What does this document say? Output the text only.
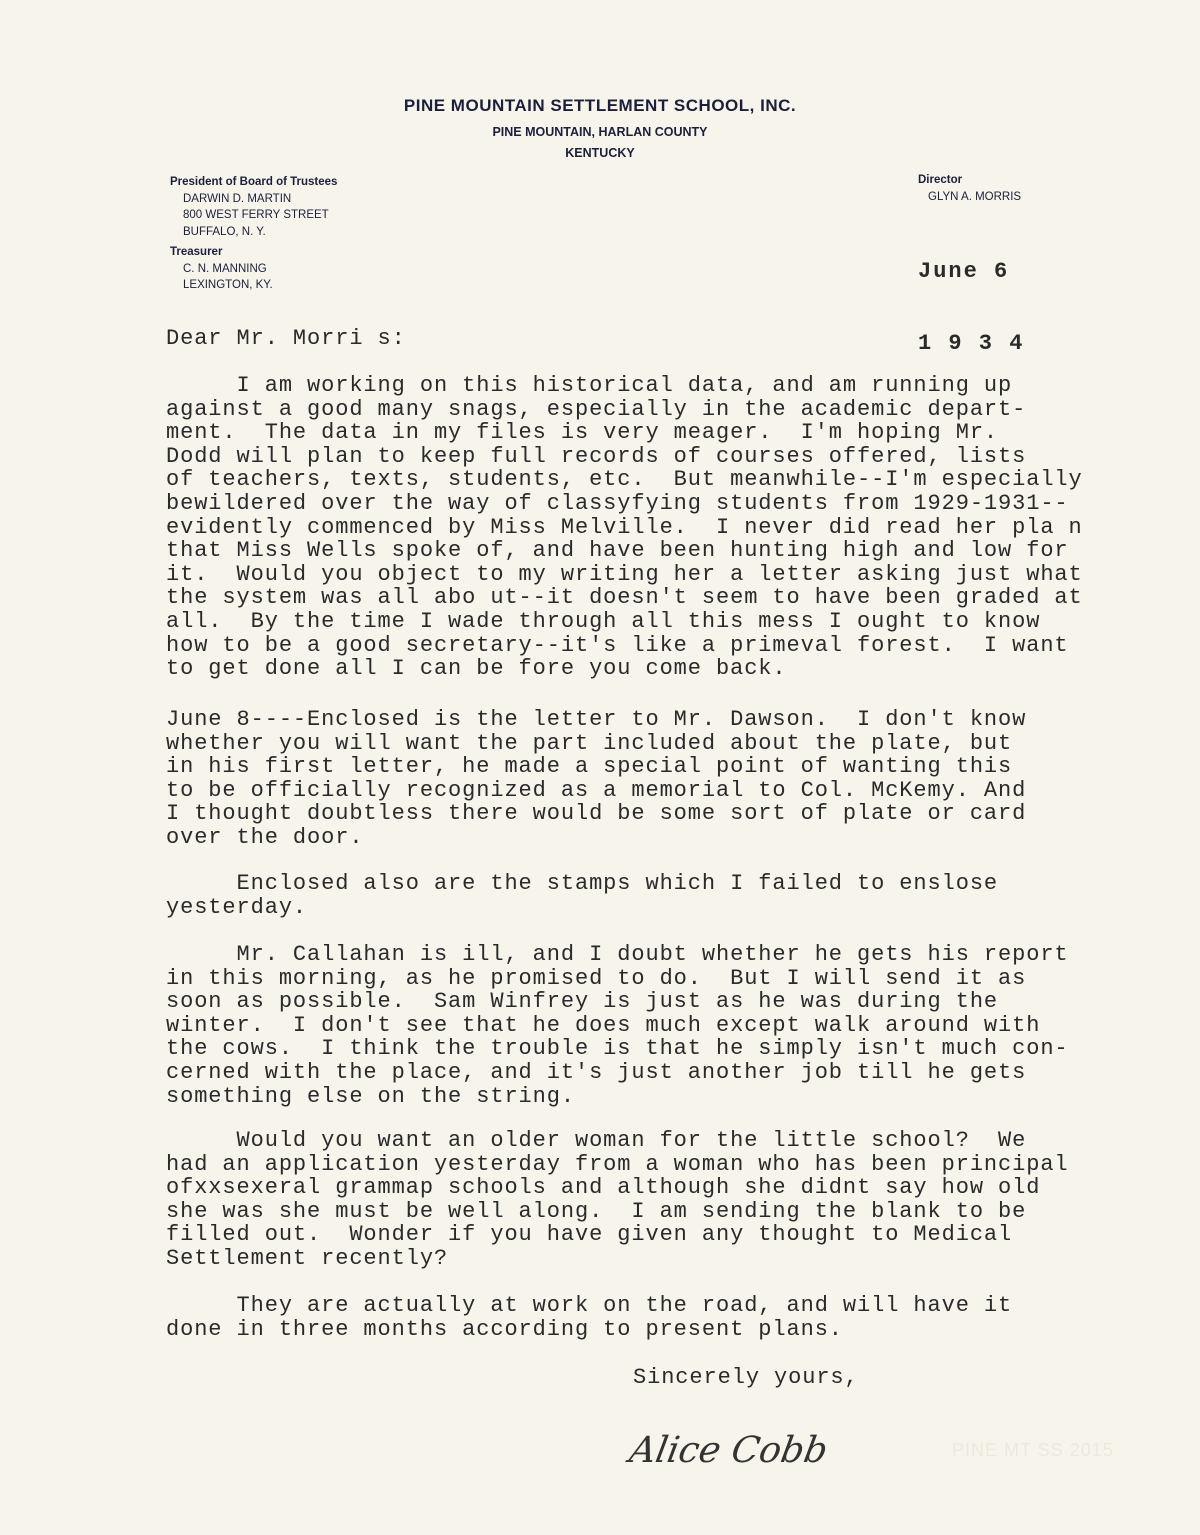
PINE MOUNTAIN SETTLEMENT SCHOOL, INC.
PINE MOUNTAIN, HARLAN COUNTY
KENTUCKY
President of Board of Trustees
DARWIN D. MARTIN
800 WEST FERRY STREET
BUFFALO, N. Y.
Treasurer
C. N. MANNING
LEXINGTON, KY.
Director
GLYN A. MORRIS

June 6

1 9 3 4

Dear Mr. Morri s:
I am working on this historical data, and am running up
against a good many snags, especially in the academic depart-
ment.  The data in my files is very meager.  I'm hoping Mr.
Dodd will plan to keep full records of courses offered, lists
of teachers, texts, students, etc.  But meanwhile--I'm especially
bewildered over the way of classyfying students from 1929-1931--
evidently commenced by Miss Melville.  I never did read her pla n
that Miss Wells spoke of, and have been hunting high and low for
it.  Would you object to my writing her a letter asking just what
the system was all abo ut--it doesn't seem to have been graded at
all.  By the time I wade through all this mess I ought to know
how to be a good secretary--it's like a primeval forest.  I want
to get done all I can be fore you come back.
June 8----Enclosed is the letter to Mr. Dawson.  I don't know
whether you will want the part included about the plate, but
in his first letter, he made a special point of wanting this
to be officially recognized as a memorial to Col. McKemy. And
I thought doubtless there would be some sort of plate or card
over the door.
Enclosed also are the stamps which I failed to enslose
yesterday.
Mr. Callahan is ill, and I doubt whether he gets his report
in this morning, as he promised to do.  But I will send it as
soon as possible.  Sam Winfrey is just as he was during the
winter.  I don't see that he does much except walk around with
the cows.  I think the trouble is that he simply isn't much con-
cerned with the place, and it's just another job till he gets
something else on the string.
Would you want an older woman for the little school?  We
had an application yesterday from a woman who has been principal
ofxxsexeral grammap schools and although she didnt say how old
she was she must be well along.  I am sending the blank to be
filled out.  Wonder if you have given any thought to Medical
Settlement recently?
They are actually at work on the road, and will have it
done in three months according to present plans.
Sincerely yours,
Alice Cobb	PINE MT SS 2015
